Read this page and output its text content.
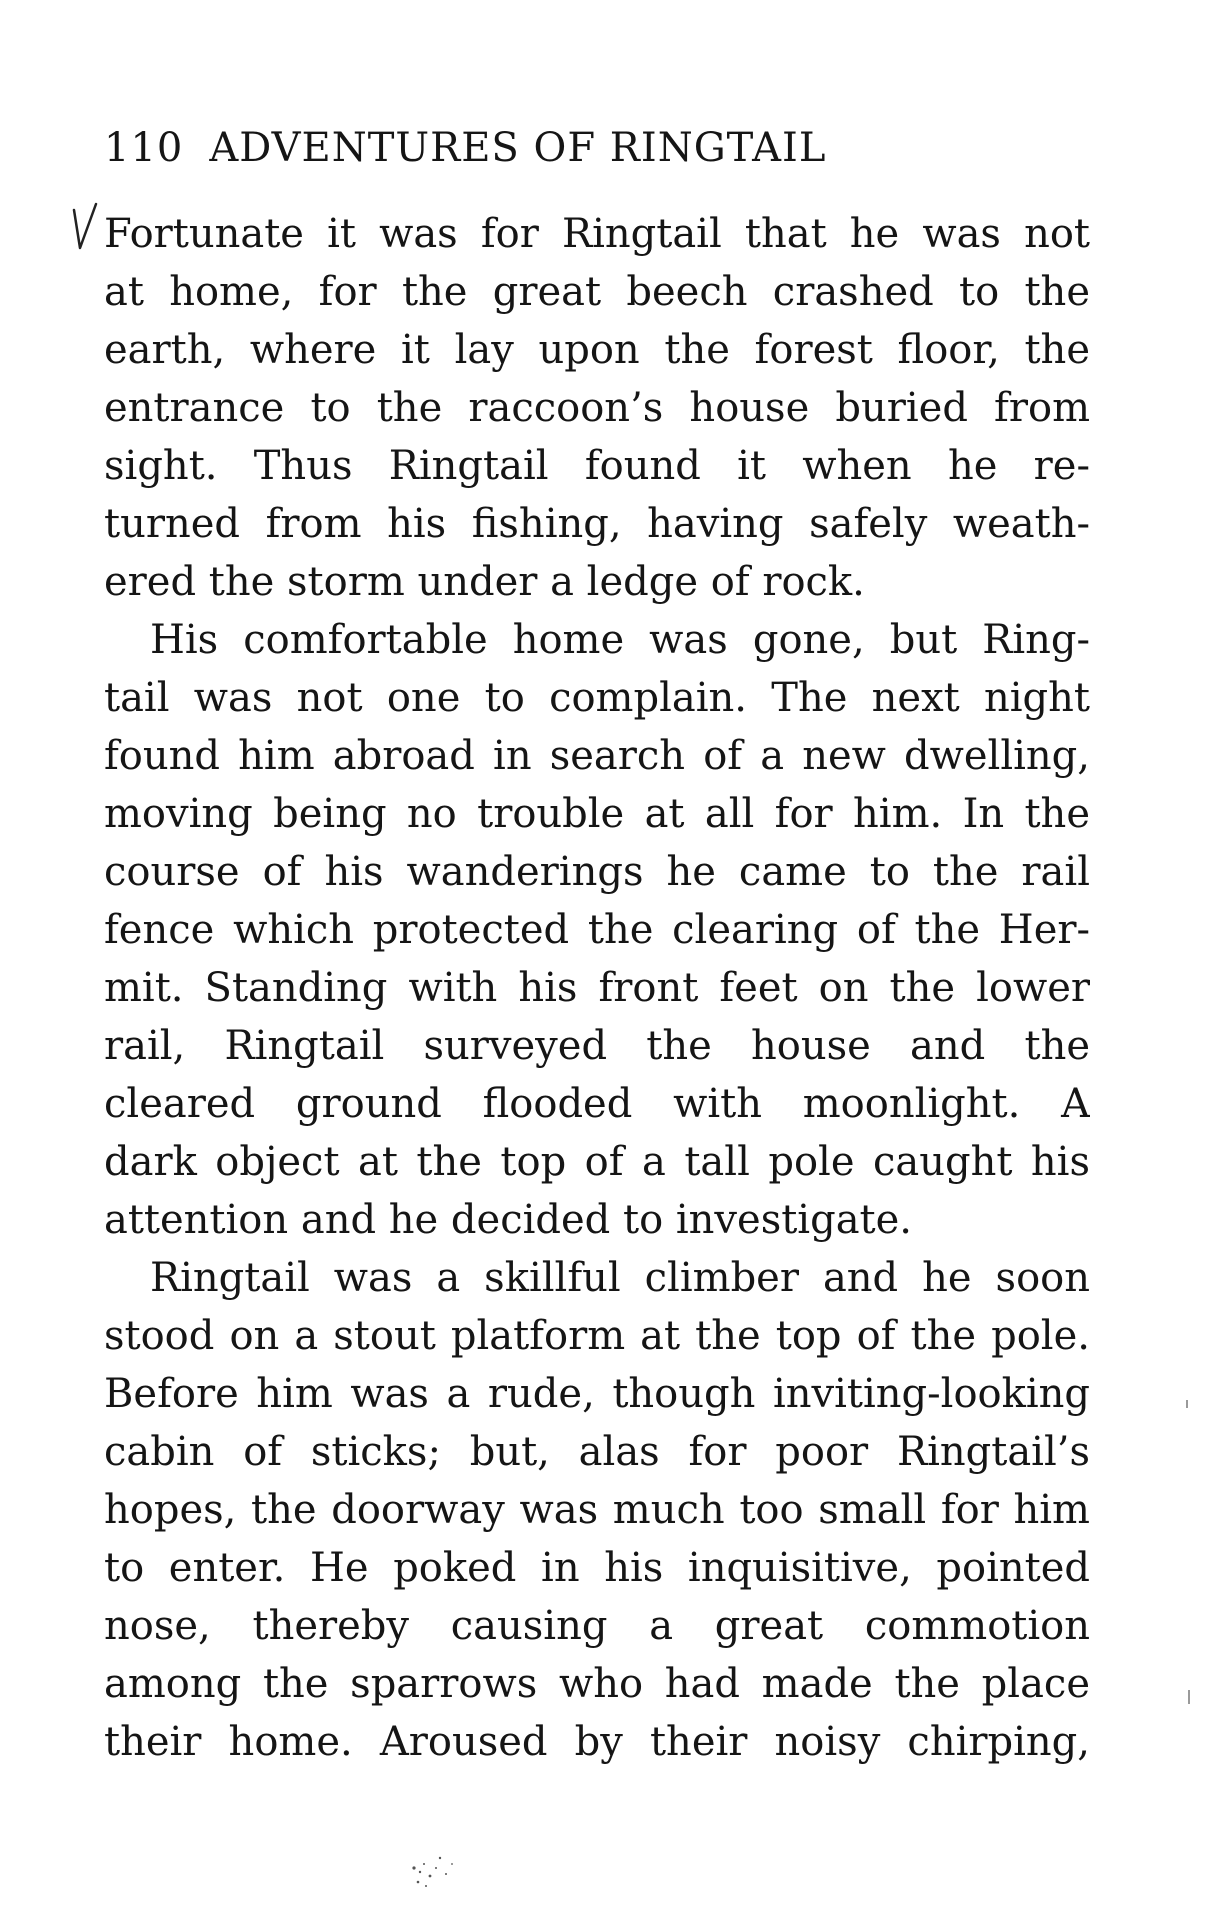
110 ADVENTURES OF RINGTAIL
Fortunate it was for Ringtail that he was not
at home, for the great beech crashed to the
earth, where it lay upon the forest floor, the
entrance to the raccoon’s house buried from
sight. Thus Ringtail found it when he re-
turned from his fishing, having safely weath-
ered the storm under a ledge of rock.
His comfortable home was gone, but Ring-
tail was not one to complain. The next night
found him abroad in search of a new dwelling,
moving being no trouble at all for him. In the
course of his wanderings he came to the rail
fence which protected the clearing of the Her-
mit. Standing with his front feet on the lower
rail, Ringtail surveyed the house and the
cleared ground flooded with moonlight. A
dark object at the top of a tall pole caught his
attention and he decided to investigate.
Ringtail was a skillful climber and he soon
stood on a stout platform at the top of the pole.
Before him was a rude, though inviting-looking
cabin of sticks; but, alas for poor Ringtail’s
hopes, the doorway was much too small for him
to enter. He poked in his inquisitive, pointed
nose, thereby causing a great commotion
among the sparrows who had made the place
their home. Aroused by their noisy chirping,
